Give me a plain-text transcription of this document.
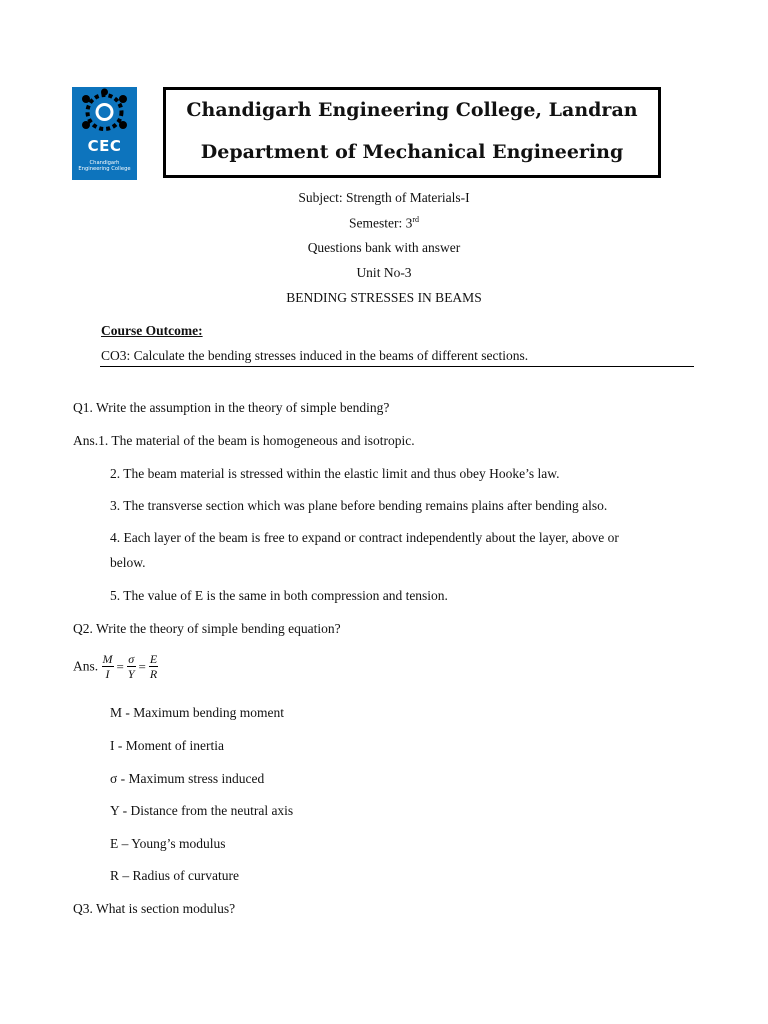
CEC
Chandigarh
Engineering College
Chandigarh Engineering College, Landran
Department of Mechanical Engineering
Subject: Strength of Materials-I
Semester: 3rd
Questions bank with answer
Unit No-3
BENDING STRESSES IN BEAMS
Course Outcome:
CO3: Calculate the bending stresses induced in the beams of different sections.
Q1. Write the assumption in the theory of simple bending?
Ans.1. The material of the beam is homogeneous and isotropic.
2. The beam material is stressed within the elastic limit and thus obey Hooke’s law.
3. The transverse section which was plane before bending remains plains after bending also.
4. Each layer of the beam is free to expand or contract independently about the layer, above or
below.
5. The value of E is the same in both compression and tension.
Q2. Write the theory of simple bending equation?
Ans. $\frac{M}{I} = \frac{\sigma}{Y} = \frac{E}{R}$
M - Maximum bending moment
I - Moment of inertia
σ - Maximum stress induced
Y - Distance from the neutral axis
E – Young’s modulus
R – Radius of curvature
Q3. What is section modulus?
